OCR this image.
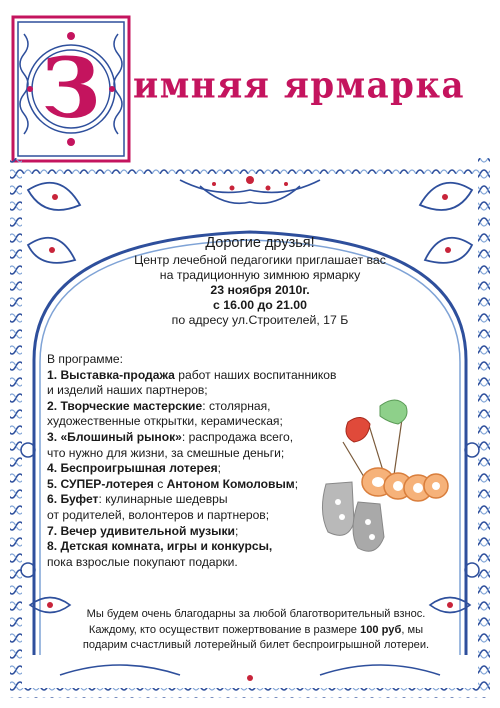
З имняя ярмарка
Дорогие друзья!
Центр лечебной педагогики приглашает вас
на традиционную зимнюю ярмарку
23 ноября 2010г.
с 16.00 до 21.00
по адресу ул.Строителей, 17 Б
В программе:
1. Выставка-продажа работ наших воспитанников
и изделий наших партнеров;
2. Творческие мастерские: столярная,
художественные открытки, керамическая;
3. «Блошиный рынок»: распродажа всего,
что нужно для жизни, за смешные деньги;
4. Беспроигрышная лотерея;
5. СУПЕР-лотерея с Антоном Комоловым;
6. Буфет: кулинарные шедевры
от родителей, волонтеров и партнеров;
7. Вечер удивительной музыки;
8. Детская комната, игры и конкурсы,
пока взрослые покупают подарки.
Мы будем очень благодарны за любой благотворительный взнос.
Каждому, кто осуществит пожертвование в размере 100 руб, мы
подарим счастливый лотерейный билет беспроигрышной лотереи.
